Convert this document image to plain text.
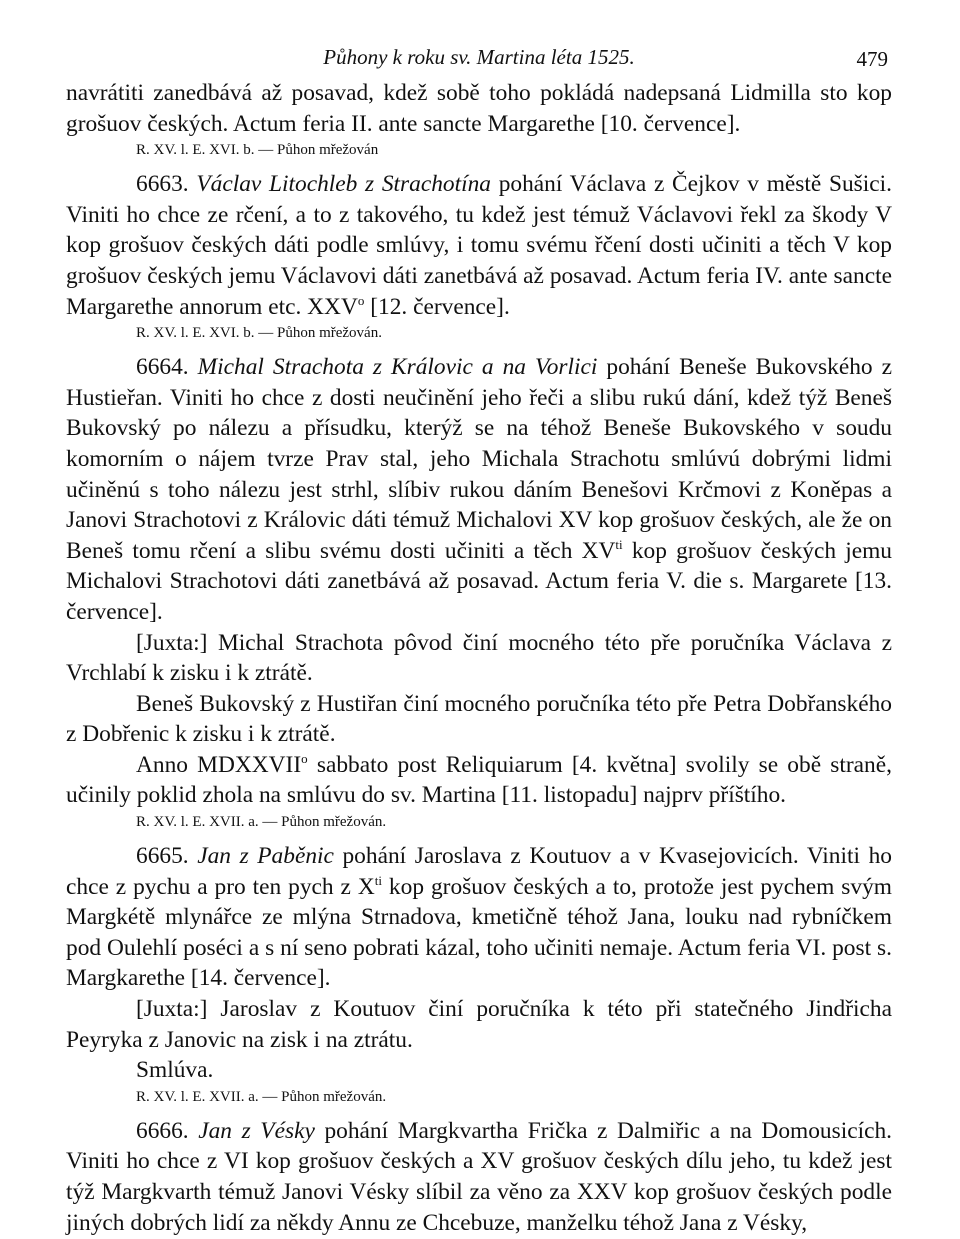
Půhony k roku sv. Martina léta 1525.	479

navrátiti zanedbává až posavad, kdež sobě toho pokládá nadepsaná Lidmilla sto kop grošuov českých. Actum feria II. ante sancte Margarethe [10. července].

R. XV. l. E. XVI. b. — Půhon mřežován

6663. Václav Litochleb z Strachotína pohání Václava z Čejkov v městě Sušici. Viniti ho chce ze rčení, a to z takového, tu kdež jest témuž Václavovi řekl za škody V kop grošuov českých dáti podle smlúvy, i tomu svému řčení dosti učiniti a těch V kop grošuov českých jemu Václavovi dáti zanetbává až posavad. Actum feria IV. ante sancte Margarethe annorum etc. XXV$^o$ [12. července].

R. XV. l. E. XVI. b. — Půhon mřežován.

6664. Michal Strachota z Královic a na Vorlici pohání Beneše Bukovského z Hustieřan. Viniti ho chce z dosti neučinění jeho řeči a slibu rukú dání, kdež týž Beneš Bukovský po nálezu a přísudku, kterýž se na téhož Beneše Bukovského v soudu komorním o nájem tvrze Prav stal, jeho Michala Strachotu smlúvú dobrými lidmi učiněnú s toho nálezu jest strhl, slíbiv rukou dáním Benešovi Krčmovi z Koněpas a Janovi Strachotovi z Královic dáti témuž Michalovi XV kop grošuov českých, ale že on Beneš tomu rčení a slibu svému dosti učiniti a těch $XV^{ti}$ kop grošuov českých jemu Michalovi Strachotovi dáti zanetbává až posavad. Actum feria V. die s. Margarete [13. července].

[Juxta:] Michal Strachota pôvod činí mocného této pře poručníka Václava z Vrchlabí k zisku i k ztrátě.

Beneš Bukovský z Hustiřan činí mocného poručníka této pře Petra Dobřanského z Dobřenic k zisku i k ztrátě.

Anno MDXXVII$^o$ sabbato post Reliquiarum [4. května] svolily se obě straně, učinily poklid zhola na smlúvu do sv. Martina [11. listopadu] najprv příštího.

R. XV. l. E. XVII. a. — Půhon mřežován.

6665. Jan z Paběnic pohání Jaroslava z Koutuov a v Kvasejovicích. Viniti ho chce z pychu a pro ten pych z $X^{ti}$ kop grošuov českých a to, protože jest pychem svým Margkétě mlynářce ze mlýna Strnadova, kmetičně téhož Jana, louku nad rybníčkem pod Oulehlí poséci a s ní seno pobrati kázal, toho učiniti nemaje. Actum feria VI. post s. Margkarethe [14. července].

[Juxta:] Jaroslav z Koutuov činí poručníka k této při statečného Jindřicha Peyryka z Janovic na zisk i na ztrátu.

Smlúva.

R. XV. l. E. XVII. a. — Půhon mřežován.

6666. Jan z Vésky pohání Margkvartha Frička z Dalmiřic a na Domousicích. Viniti ho chce z VI kop grošuov českých a XV grošuov českých dílu jeho, tu kdež jest týž Margkvarth témuž Janovi Vésky slíbil za věno za XXV kop grošuov českých podle jiných dobrých lidí za někdy Annu ze Chcebuze, manželku téhož Jana z Vésky,
